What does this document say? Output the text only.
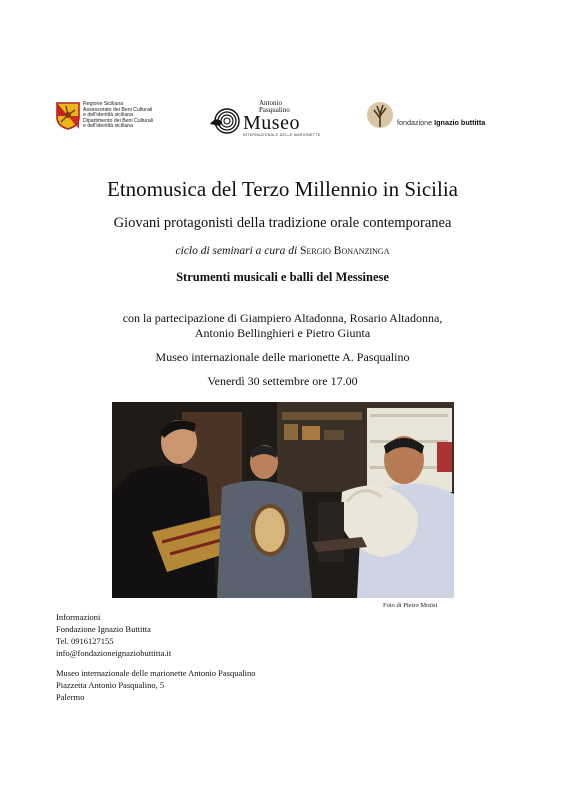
Regione Siciliana
Assessorato dei Beni Culturali
e dell'identità siciliana
Dipartimento dei Beni Culturali
e dell'identità siciliana
Antonio
Pasqualino
Museo
INTERNAZIONALE DELLE MARIONETTE
fondazione Ignazio buttitta
Etnomusica del Terzo Millennio in Sicilia
Giovani protagonisti della tradizione orale contemporanea
ciclo di seminari a cura di Sergio Bonanzinga
Strumenti musicali e balli del Messinese
con la partecipazione di Giampiero Altadonna, Rosario Altadonna,
Antonio Bellinghieri e Pietro Giunta
Museo internazionale delle marionette A. Pasqualino
Venerdì 30 settembre ore 17.00
Foto di Pietro Motisi
Informazioni
Fondazione Ignazio Buttitta
Tel. 0916127155
info@fondazioneignaziobuttitta.it
Museo internazionale delle marionette Antonio Pasqualino
Piazzetta Antonio Pasqualino, 5
Palermo
